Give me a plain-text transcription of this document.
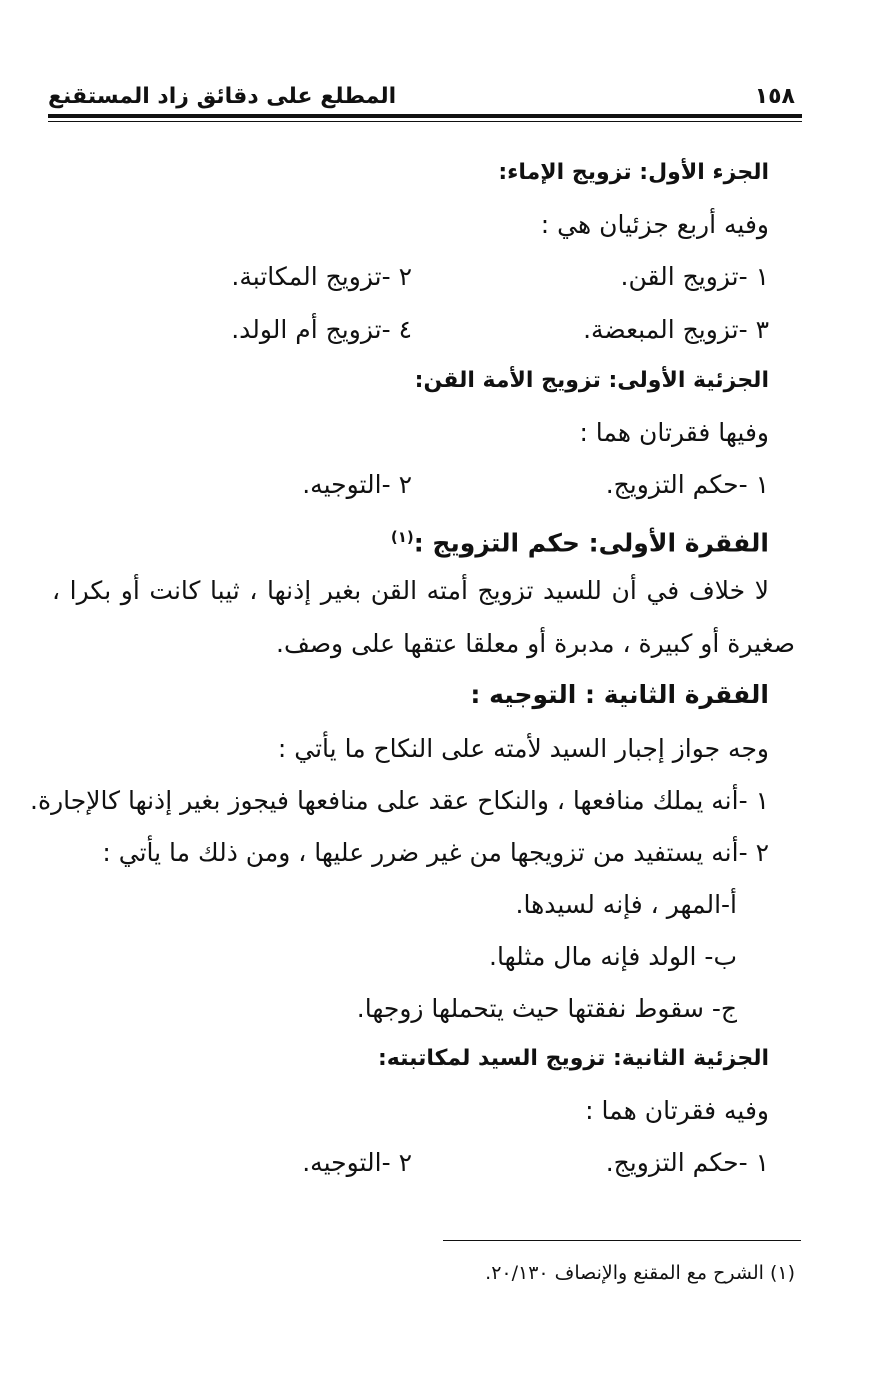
١٥٨
المطلع على دقائق زاد المستقنع
الجزء الأول: تزويج الإماء:
وفيه أربع جزئيان هي :
١ -تزويج القن.
٢ -تزويج المكاتبة.
٣ -تزويج المبعضة.
٤ -تزويج أم الولد.
الجزئية الأولى: تزويج الأمة القن:
وفيها فقرتان هما :
١ -حكم التزويج.
٢ -التوجيه.
الفقرة الأولى: حكم التزويج :$^{(١)}$
لا خلاف في أن للسيد تزويج أمته القن بغير إذنها ، ثيبا كانت أو بكرا ،
صغيرة أو كبيرة ، مدبرة أو معلقا عتقها على وصف.
الفقرة الثانية : التوجيه :
وجه جواز إجبار السيد لأمته على النكاح ما يأتي :
١ -أنه يملك منافعها ، والنكاح عقد على منافعها فيجوز بغير إذنها كالإجارة.
٢ -أنه يستفيد من تزويجها من غير ضرر عليها ، ومن ذلك ما يأتي :
أ-المهر ، فإنه لسيدها.
ب- الولد فإنه مال مثلها.
ج- سقوط نفقتها حيث يتحملها زوجها.
الجزئية الثانية: تزويج السيد لمكاتبته:
وفيه فقرتان هما :
١ -حكم التزويج.
٢ -التوجيه.
(١) الشرح مع المقنع والإنصاف ٢٠/١٣٠.
